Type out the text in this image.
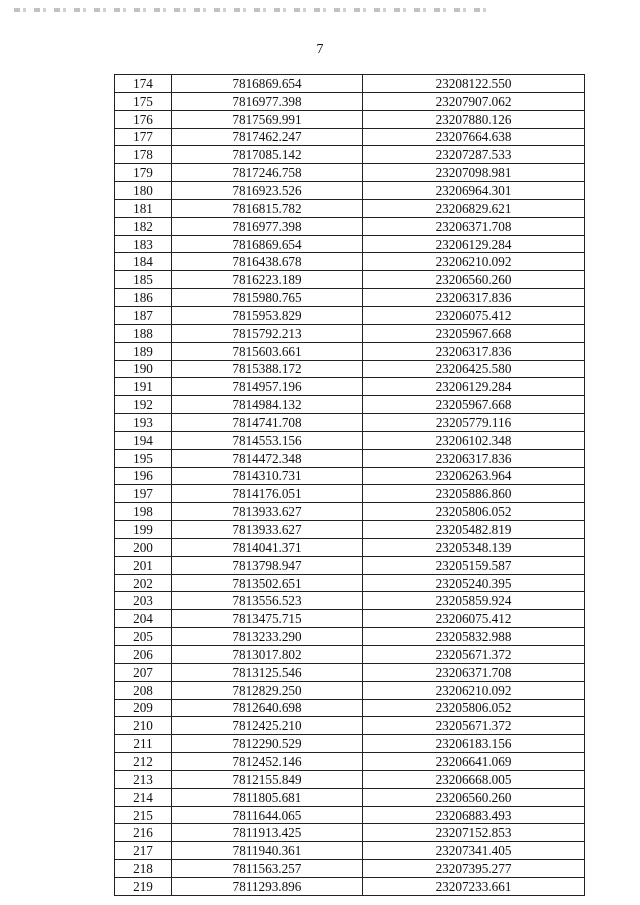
7
174	7816869.654	23208122.550
175	7816977.398	23207907.062
176	7817569.991	23207880.126
177	7817462.247	23207664.638
178	7817085.142	23207287.533
179	7817246.758	23207098.981
180	7816923.526	23206964.301
181	7816815.782	23206829.621
182	7816977.398	23206371.708
183	7816869.654	23206129.284
184	7816438.678	23206210.092
185	7816223.189	23206560.260
186	7815980.765	23206317.836
187	7815953.829	23206075.412
188	7815792.213	23205967.668
189	7815603.661	23206317.836
190	7815388.172	23206425.580
191	7814957.196	23206129.284
192	7814984.132	23205967.668
193	7814741.708	23205779.116
194	7814553.156	23206102.348
195	7814472.348	23206317.836
196	7814310.731	23206263.964
197	7814176.051	23205886.860
198	7813933.627	23205806.052
199	7813933.627	23205482.819
200	7814041.371	23205348.139
201	7813798.947	23205159.587
202	7813502.651	23205240.395
203	7813556.523	23205859.924
204	7813475.715	23206075.412
205	7813233.290	23205832.988
206	7813017.802	23205671.372
207	7813125.546	23206371.708
208	7812829.250	23206210.092
209	7812640.698	23205806.052
210	7812425.210	23205671.372
211	7812290.529	23206183.156
212	7812452.146	23206641.069
213	7812155.849	23206668.005
214	7811805.681	23206560.260
215	7811644.065	23206883.493
216	7811913.425	23207152.853
217	7811940.361	23207341.405
218	7811563.257	23207395.277
219	7811293.896	23207233.661
